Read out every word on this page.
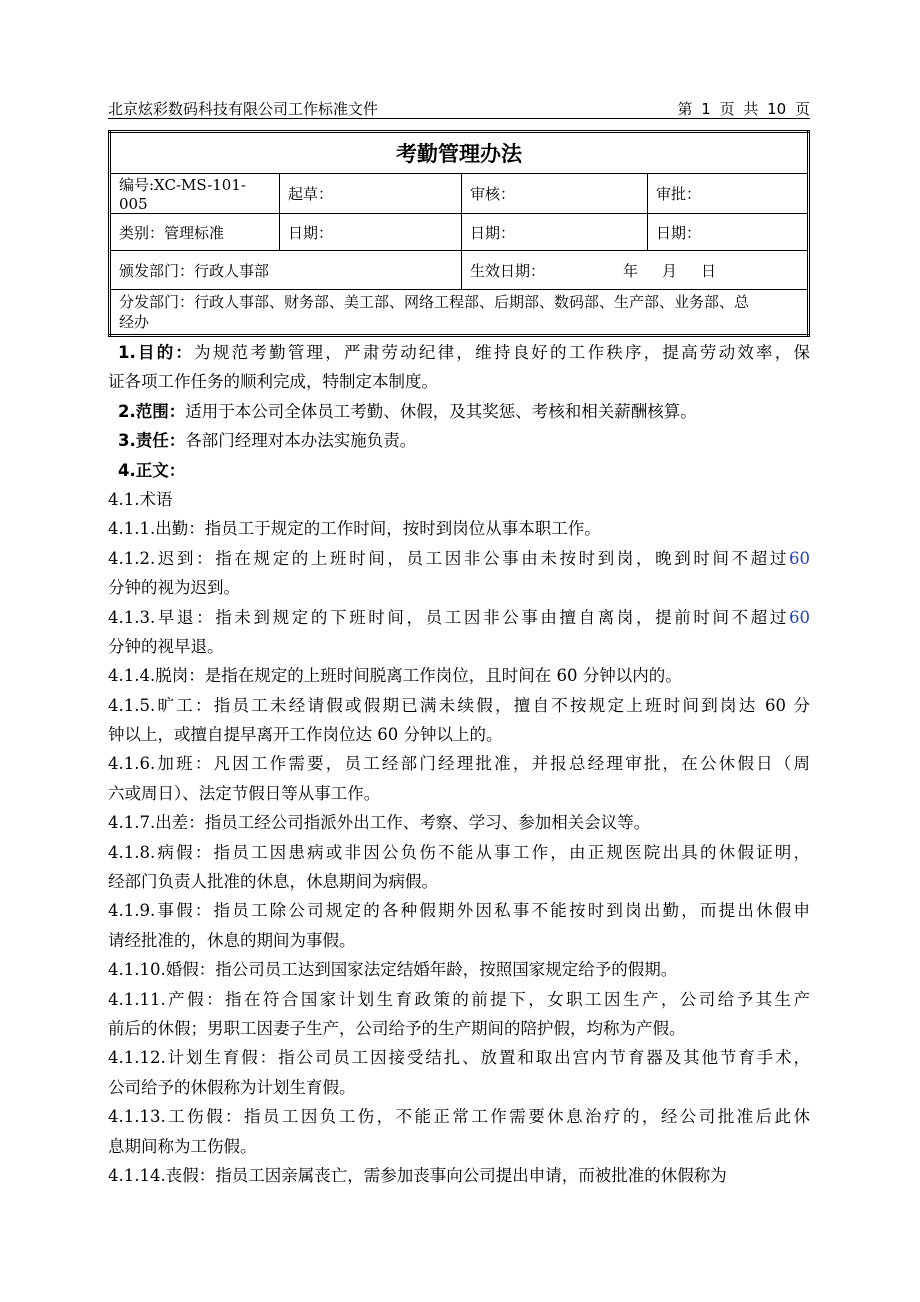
北京炫彩数码科技有限公司工作标准文件	第 1 页 共 10 页
考勤管理办法			
编号:XC-MS-101-005	起草：	审核：	审批：
类别：管理标准	日期：	日期：	日期：
颁发部门：行政人事部		生效日期： 年 月 日	

分发部门：行政人事部、财务部、美工部、网络工程部、后期部、数码部、生产部、业务部、总
经办			
1.目的：为规范考勤管理，严肃劳动纪律，维持良好的工作秩序，提高劳动效率，保
证各项工作任务的顺利完成，特制定本制度。
2.范围：适用于本公司全体员工考勤、休假，及其奖惩、考核和相关薪酬核算。
3.责任：各部门经理对本办法实施负责。
4.正文：
4.1.术语
4.1.1.出勤：指员工于规定的工作时间，按时到岗位从事本职工作。
4.1.2.迟到：指在规定的上班时间，员工因非公事由未按时到岗，晚到时间不超过60
分钟的视为迟到。
4.1.3.早退：指未到规定的下班时间，员工因非公事由擅自离岗，提前时间不超过60
分钟的视早退。
4.1.4.脱岗：是指在规定的上班时间脱离工作岗位，且时间在 60 分钟以内的。
4.1.5.旷工：指员工未经请假或假期已满未续假，擅自不按规定上班时间到岗达 60 分
钟以上，或擅自提早离开工作岗位达 60 分钟以上的。
4.1.6.加班：凡因工作需要，员工经部门经理批准，并报总经理审批，在公休假日（周
六或周日）、法定节假日等从事工作。
4.1.7.出差：指员工经公司指派外出工作、考察、学习、参加相关会议等。
4.1.8.病假：指员工因患病或非因公负伤不能从事工作，由正规医院出具的休假证明，
经部门负责人批准的休息，休息期间为病假。
4.1.9.事假：指员工除公司规定的各种假期外因私事不能按时到岗出勤，而提出休假申
请经批准的，休息的期间为事假。
4.1.10.婚假：指公司员工达到国家法定结婚年龄，按照国家规定给予的假期。
4.1.11.产假：指在符合国家计划生育政策的前提下，女职工因生产，公司给予其生产
前后的休假；男职工因妻子生产，公司给予的生产期间的陪护假，均称为产假。
4.1.12.计划生育假：指公司员工因接受结扎、放置和取出宫内节育器及其他节育手术，
公司给予的休假称为计划生育假。
4.1.13.工伤假：指员工因负工伤，不能正常工作需要休息治疗的，经公司批准后此休
息期间称为工伤假。
4.1.14.丧假：指员工因亲属丧亡，需参加丧事向公司提出申请，而被批准的休假称为
